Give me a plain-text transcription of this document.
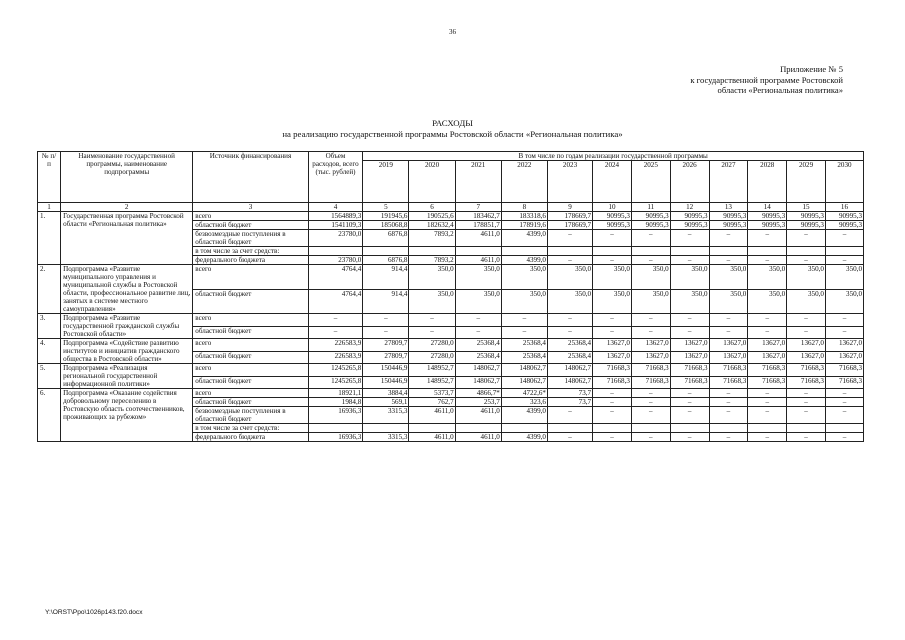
36
Приложение № 5
к государственной программе Ростовской
области «Региональная политика»
РАСХОДЫ
на реализацию государственной программы Ростовской области «Региональная политика»
№ п/п	Наименование государственной программы, наименование подпрограммы	Источник финансирования	Объем расходов, всего (тыс. рублей)	В том числе по годам реализации государственной программы											
				2019	2020	2021	2022	2023	2024	2025	2026	2027	2028	2029	2030
1	2	3	4	5	6	7	8	9	10	11	12	13	14	15	16
1.	Государственная программа Ростовской области «Региональная политика»	всего	1564889,3	191945,6	190525,6	183462,7	183318,6	178669,7	90995,3	90995,3	90995,3	90995,3	90995,3	90995,3	90995,3
		областной бюджет	1541109,3	185068,8	182632,4	178851,7	178919,6	178669,7	90995,3	90995,3	90995,3	90995,3	90995,3	90995,3	90995,3
		безвозмездные поступления в областной бюджет	23780,0	6876,8	7893,2	4611,0	4399,0	–	–	–	–	–	–	–	–
		в том числе за счет средств:													
		федерального бюджета	23780,0	6876,8	7893,2	4611,0	4399,0	–	–	–	–	–	–	–	–
2.	Подпрограмма «Развитие муниципального управления и муниципальной службы в Ростовской области, профессиональное развитие лиц, занятых в системе местного самоуправления»	всего	4764,4	914,4	350,0	350,0	350,0	350,0	350,0	350,0	350,0	350,0	350,0	350,0	350,0
		областной бюджет	4764,4	914,4	350,0	350,0	350,0	350,0	350,0	350,0	350,0	350,0	350,0	350,0	350,0
3.	Подпрограмма «Развитие государственной гражданской службы Ростовской области»	всего	–	–	–	–	–	–	–	–	–	–	–	–	–
		областной бюджет	–	–	–	–	–	–	–	–	–	–	–	–	–
4.	Подпрограмма «Содействие развитию институтов и инициатив гражданского общества в Ростовской области»	всего	226583,9	27809,7	27280,0	25368,4	25368,4	25368,4	13627,0	13627,0	13627,0	13627,0	13627,0	13627,0	13627,0
		областной бюджет	226583,9	27809,7	27280,0	25368,4	25368,4	25368,4	13627,0	13627,0	13627,0	13627,0	13627,0	13627,0	13627,0
5.	Подпрограмма «Реализация региональной государственной информационной политики»	всего	1245265,8	150446,9	148952,7	148062,7	148062,7	148062,7	71668,3	71668,3	71668,3	71668,3	71668,3	71668,3	71668,3
		областной бюджет	1245265,8	150446,9	148952,7	148062,7	148062,7	148062,7	71668,3	71668,3	71668,3	71668,3	71668,3	71668,3	71668,3
6.	Подпрограмма «Оказание содействия добровольному переселению в Ростовскую область соотечественников, проживающих за рубежом»	всего	18921,1	3884,4	5373,7	4866,7*	4722,6*	73,7	–	–	–	–	–	–	–
		областной бюджет	1984,8	569,1	762,7	253,7	323,6	73,7	–	–	–	–	–	–	–
		безвозмездные поступления в областной бюджет	16936,3	3315,3	4611,0	4611,0	4399,0	–	–	–	–	–	–	–	–
		в том числе за счет средств:													
		федерального бюджета	16936,3	3315,3	4611,0	4611,0	4399,0	–	–	–	–	–	–	–	–
Y:\ORST\Ppo\1026p143.f20.docx
